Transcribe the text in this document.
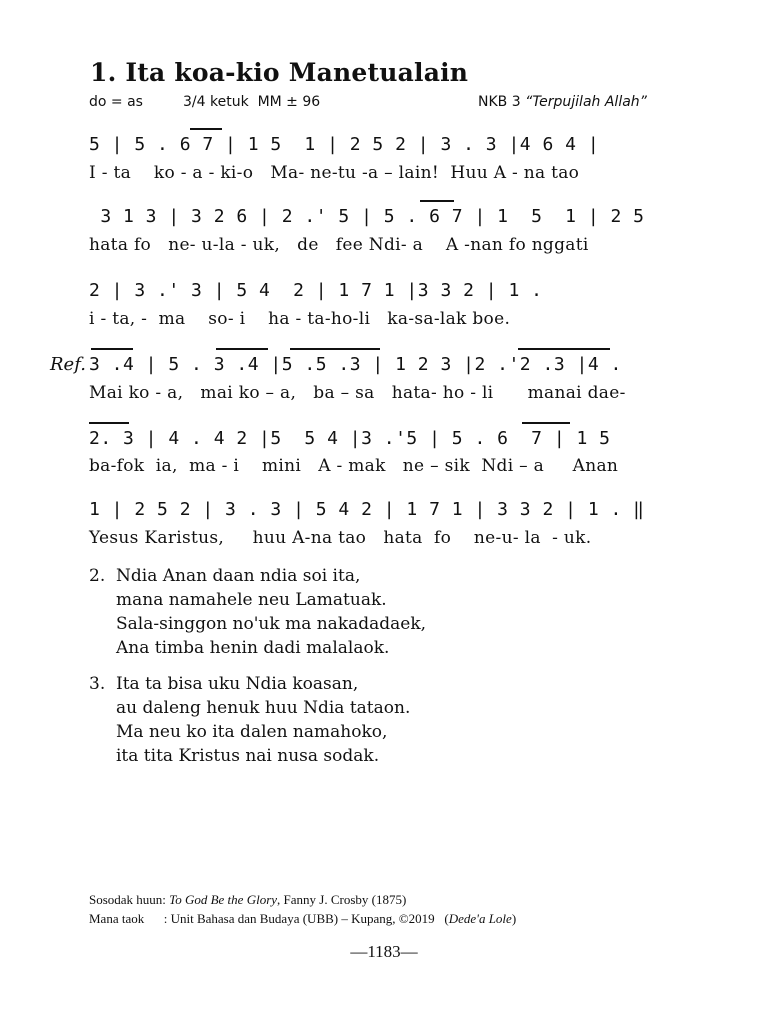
1. Ita koa-kio Manetualain
do = as	3/4 ketuk  MM ± 96	NKB 3 “Terpujilah Allah”
5 | 5 . 6 7 | 1 5  1 | 2 5 2 | 3 . 3 |4 6 4 |
I - ta    ko - a - ki-o   Ma- ne-tu -a – lain!  Huu A - na tao
3 1 3 | 3 2 6 | 2 .' 5 | 5 . 6 7 | 1  5  1 | 2 5
hata fo   ne- u-la - uk,   de   fee Ndi- a    A -nan fo nggati
2 | 3 .' 3 | 5 4  2 | 1 7 1 |3 3 2 | 1 .
i - ta, -  ma    so- i    ha - ta-ho-li   ka-sa-lak boe.
Ref. 3 .4 | 5 . 3 .4 |5 .5 .3 | 1 2 3 |2 .'2 .3 |4 .
Mai ko - a,   mai ko – a,   ba – sa   hata- ho - li      manai dae-
2. 3 | 4 . 4 2 |5  5 4 |3 .'5 | 5 . 6  7 | 1 5
ba-fok  ia,  ma - i    mini   A - mak   ne – sik  Ndi – a     Anan
1 | 2 5 2 | 3 . 3 | 5 4 2 | 1 7 1 | 3 3 2 | 1 . ‖
Yesus Karistus,     huu A-na tao   hata  fo    ne-u- la  - uk.
2. Ndia Anan daan ndia soi ita,
mana namahele neu Lamatuak.
Sala-singgon no'uk ma nakadadaek,
Ana timba henin dadi malalaok.
3. Ita ta bisa uku Ndia koasan,
au daleng henuk huu Ndia tataon.
Ma neu ko ita dalen namahoko,
ita tita Kristus nai nusa sodak.
Sosodak huun: To God Be the Glory, Fanny J. Crosby (1875)
Mana taok      : Unit Bahasa dan Budaya (UBB) – Kupang, ©2019   (Dede'a Lole)
—1183—
